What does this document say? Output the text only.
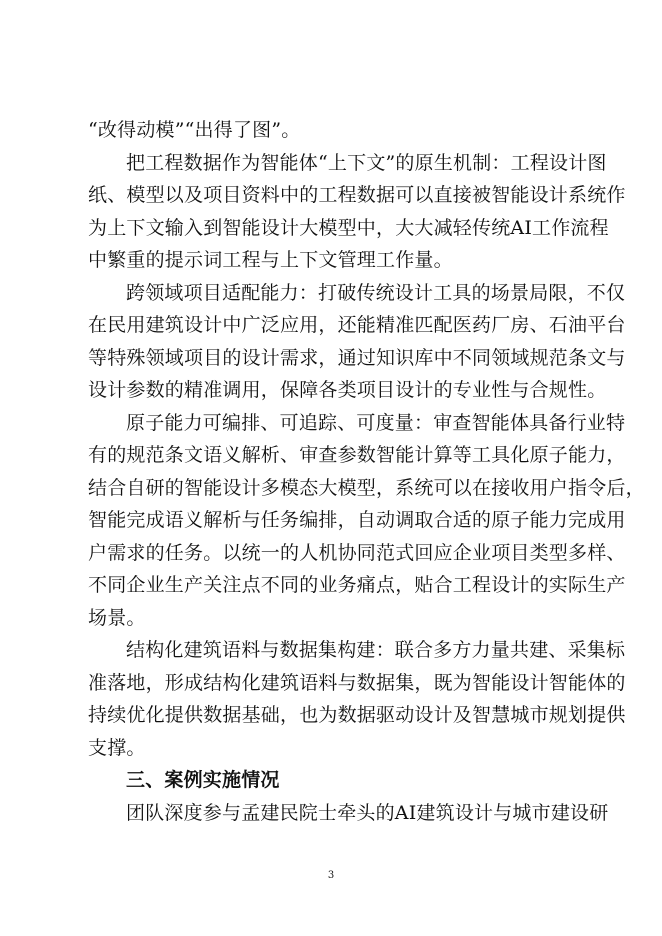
“改得动模”“出得了图”。
把工程数据作为智能体“上下文”的原生机制：工程设计图
纸、模型以及项目资料中的工程数据可以直接被智能设计系统作
为上下文输入到智能设计大模型中，大大减轻传统AI工作流程
中繁重的提示词工程与上下文管理工作量。
跨领域项目适配能力：打破传统设计工具的场景局限，不仅
在民用建筑设计中广泛应用，还能精准匹配医药厂房、石油平台
等特殊领域项目的设计需求，通过知识库中不同领域规范条文与
设计参数的精准调用，保障各类项目设计的专业性与合规性。
原子能力可编排、可追踪、可度量：审查智能体具备行业特
有的规范条文语义解析、审查参数智能计算等工具化原子能力，
结合自研的智能设计多模态大模型，系统可以在接收用户指令后，
智能完成语义解析与任务编排，自动调取合适的原子能力完成用
户需求的任务。以统一的人机协同范式回应企业项目类型多样、
不同企业生产关注点不同的业务痛点，贴合工程设计的实际生产
场景。
结构化建筑语料与数据集构建：联合多方力量共建、采集标
准落地，形成结构化建筑语料与数据集，既为智能设计智能体的
持续优化提供数据基础，也为数据驱动设计及智慧城市规划提供
支撑。
三、案例实施情况
团队深度参与孟建民院士牵头的AI建筑设计与城市建设研
3
